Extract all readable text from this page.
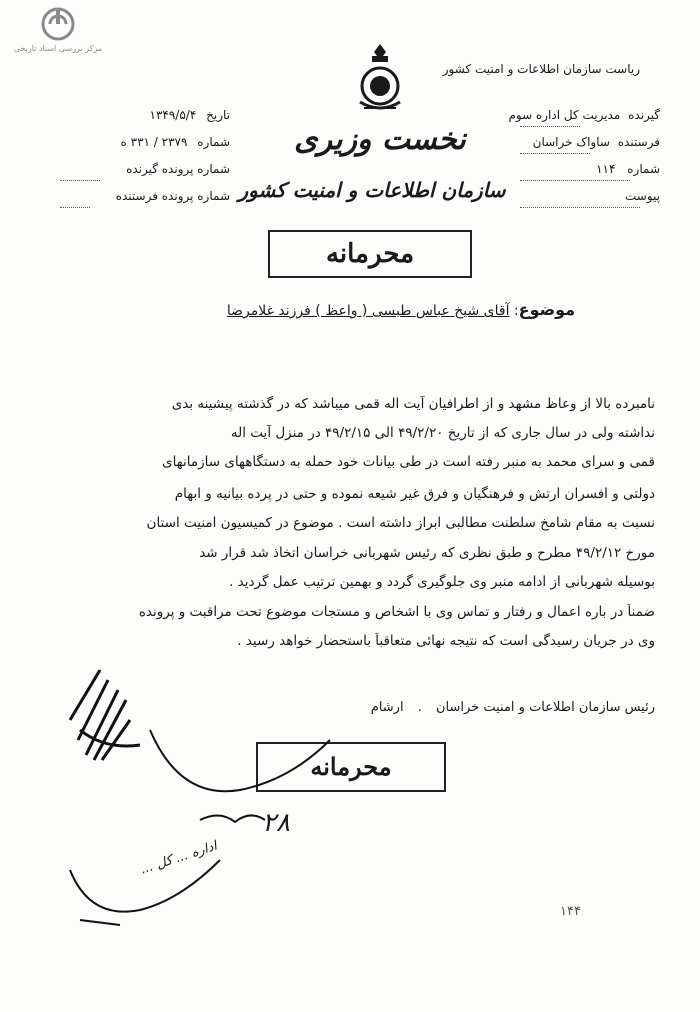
مرکز بررسی اسناد تاریخی
ریاست سازمان اطلاعات و امنیت کشور
نخست وزیری
سازمان اطلاعات و امنیت کشور
محرمانه
گیرنده مدیریت کل اداره سوم
فرستنده ساواک خراسان
شماره ۱۱۴
پیوست
تاریخ ۱۳۴۹/۵/۴
شماره ۲۳۷۹ / ۳۳۱ ه
شماره پرونده گیرنده
شماره پرونده فرستنده
موضوع: آقای شیخ عباس طبسی ( واعظ ) فرزند غلامرضا
نامبرده بالا از وعاظ مشهد و از اطرافیان آیت اله قمی میباشد که در گذشته پیشینه بدی
نداشته ولی در سال جاری که از تاریخ ۴۹/۲/۲۰ الی ۴۹/۲/۱۵ در منزل آیت اله
قمی و سرای محمد به منبر رفته است در طی بیانات خود حمله به دستگاههای سازمانهای
دولتی و افسران ارتش و فرهنگیان و فرق غیر شیعه نموده و حتی در پرده بیانیه و ابهام
نسبت به مقام شامخ سلطنت مطالبی ابراز داشته است . موضوع در کمیسیون امنیت استان
مورخ ۴۹/۲/۱۲ مطرح و طبق نظری که رئیس شهربانی خراسان اتخاذ شد قرار شد
بوسیله شهربانی از ادامه منبر وی جلوگیری گردد و بهمین ترتیب عمل گردید .
ضمناً در باره اعمال و رفتار و تماس وی با اشخاص و مستجات موضوع تحت مراقبت و پرونده
وی در جریان رسیدگی است که نتیجه نهائی متعاقباً باستحضار خواهد رسید .
رئیس سازمان اطلاعات و امنیت خراسان . ارشام
محرمانه
۲۸
اداره ... کل ...
۱۴۴
